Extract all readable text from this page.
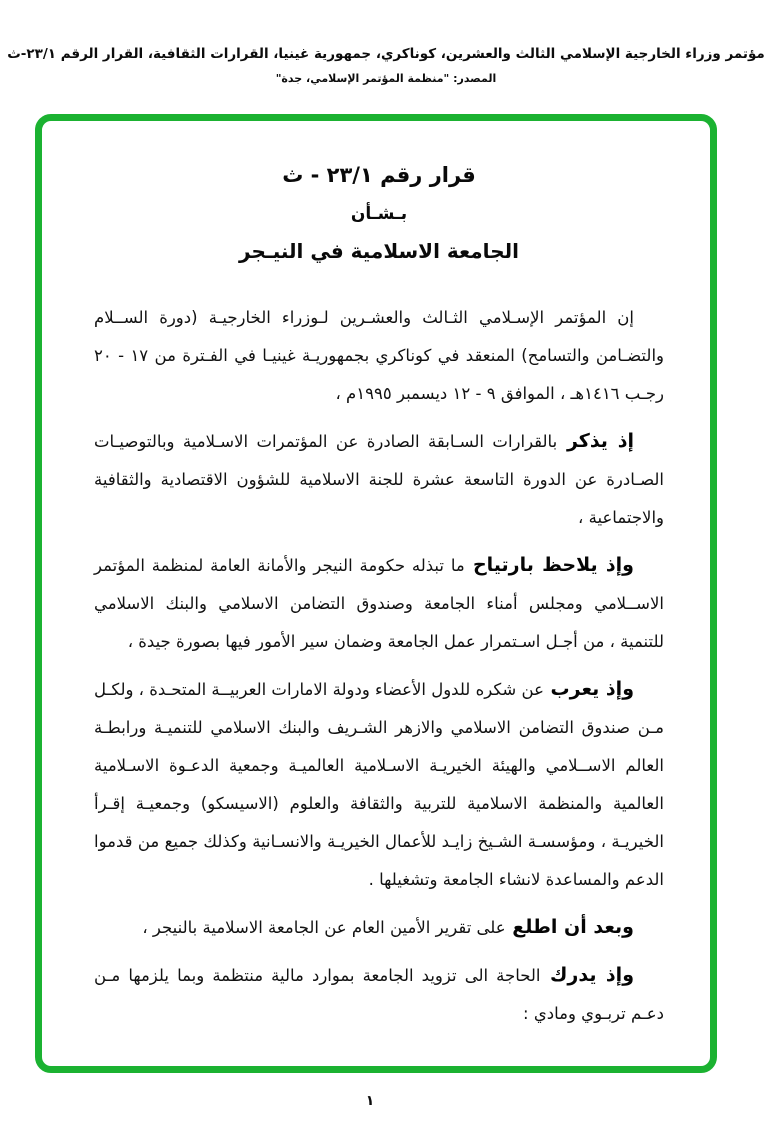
مؤتمر وزراء الخارجية الإسلامي الثالث والعشرين، كوناكري، جمهورية غينيا، القرارات الثقافية، القرار الرقم ٢٣/١-ث
المصدر: "منظمة المؤتمر الإسلامي، جدة"
قرار رقم ٢٣/١ - ث
بـشـأن
الجامعة الاسلامية في النيـجر

إن المؤتمر الإسـلامي الثـالث والعشـرين لـوزراء الخارجيـة (دورة الســلام والتضـامن والتسامح) المنعقد في كوناكري بجمهوريـة غينيـا في الفـترة من ١٧ - ٢٠ رجـب ١٤١٦هـ ، الموافق ٩ - ١٢ ديسمبر ١٩٩٥م ،

إذ يذكر بالقرارات السـابقة الصادرة عن المؤتمرات الاسـلامية وبالتوصيـات الصـادرة عن الدورة التاسعة عشرة للجنة الاسلامية للشؤون الاقتصادية والثقافية والاجتماعية ،

وإذ يلاحظ بارتياح ما تبذله حكومة النيجر والأمانة العامة لمنظمة المؤتمر الاســلامي ومجلس أمناء الجامعة وصندوق التضامن الاسلامي والبنك الاسلامي للتنمية ، من أجـل اسـتمرار عمل الجامعة وضمان سير الأمور فيها بصورة جيدة ،

وإذ يعرب عن شكره للدول الأعضاء ودولة الامارات العربيــة المتحـدة ، ولكـل مـن صندوق التضامن الاسلامي والازهر الشـريف والبنك الاسلامي للتنميـة ورابطـة العالم الاســلامي والهيئة الخيريـة الاسـلامية العالميـة وجمعية الدعـوة الاسـلامية العالمية والمنظمة الاسلامية للتربية والثقافة والعلوم (الاسيسكو) وجمعيـة إقـرأ الخيريـة ، ومؤسسـة الشـيخ زايـد للأعمال الخيريـة والانسـانية وكذلك جميع من قدموا الدعم والمساعدة لانشاء الجامعة وتشغيلها .

وبعد أن اطلع على تقرير الأمين العام عن الجامعة الاسلامية بالنيجر ،

وإذ يدرك الحاجة الى تزويد الجامعة بموارد مالية منتظمة وبما يلزمها مـن دعـم تربـوي ومادي :

١
